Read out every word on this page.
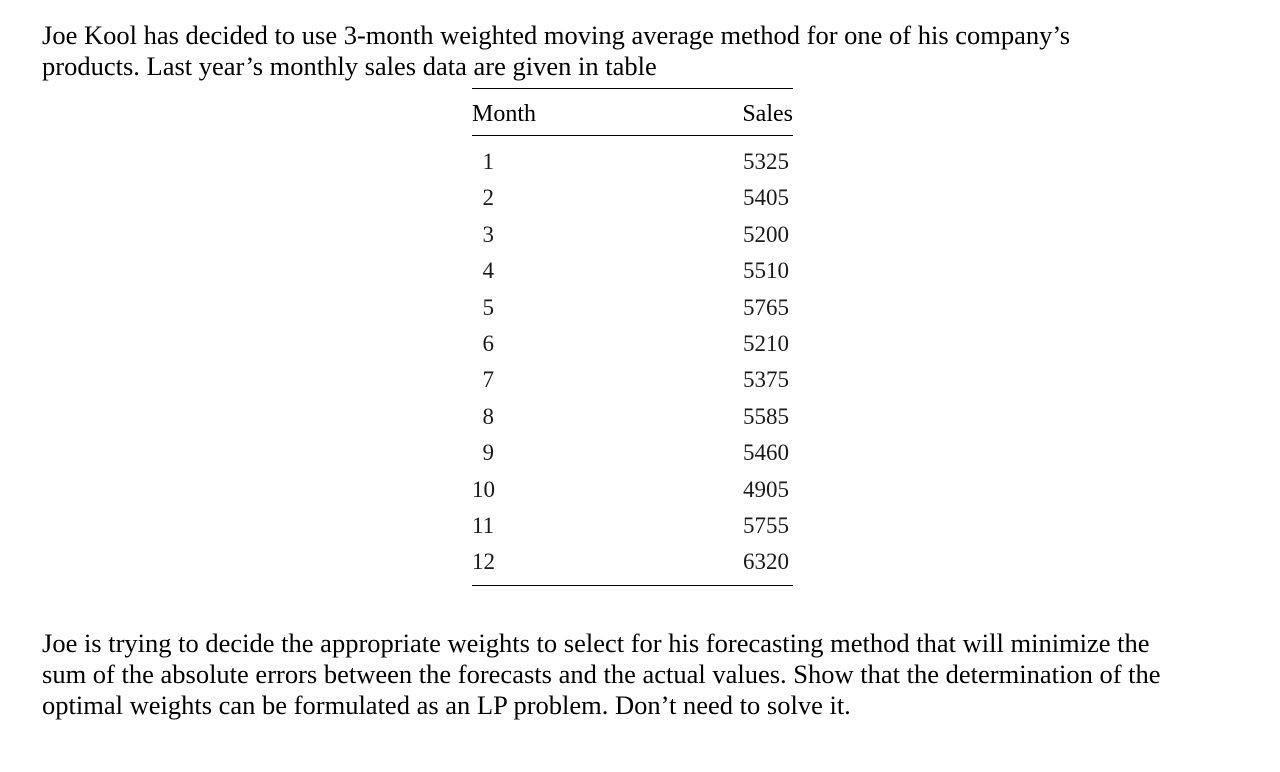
Joe Kool has decided to use 3-month weighted moving average method for one of his company’s
products. Last year’s monthly sales data are given in table

Month	Sales
1	5325
2	5405
3	5200
4	5510
5	5765
6	5210
7	5375
8	5585
9	5460
10	4905
11	5755
12	6320

Joe is trying to decide the appropriate weights to select for his forecasting method that will minimize the
sum of the absolute errors between the forecasts and the actual values. Show that the determination of the
optimal weights can be formulated as an LP problem. Don’t need to solve it.
